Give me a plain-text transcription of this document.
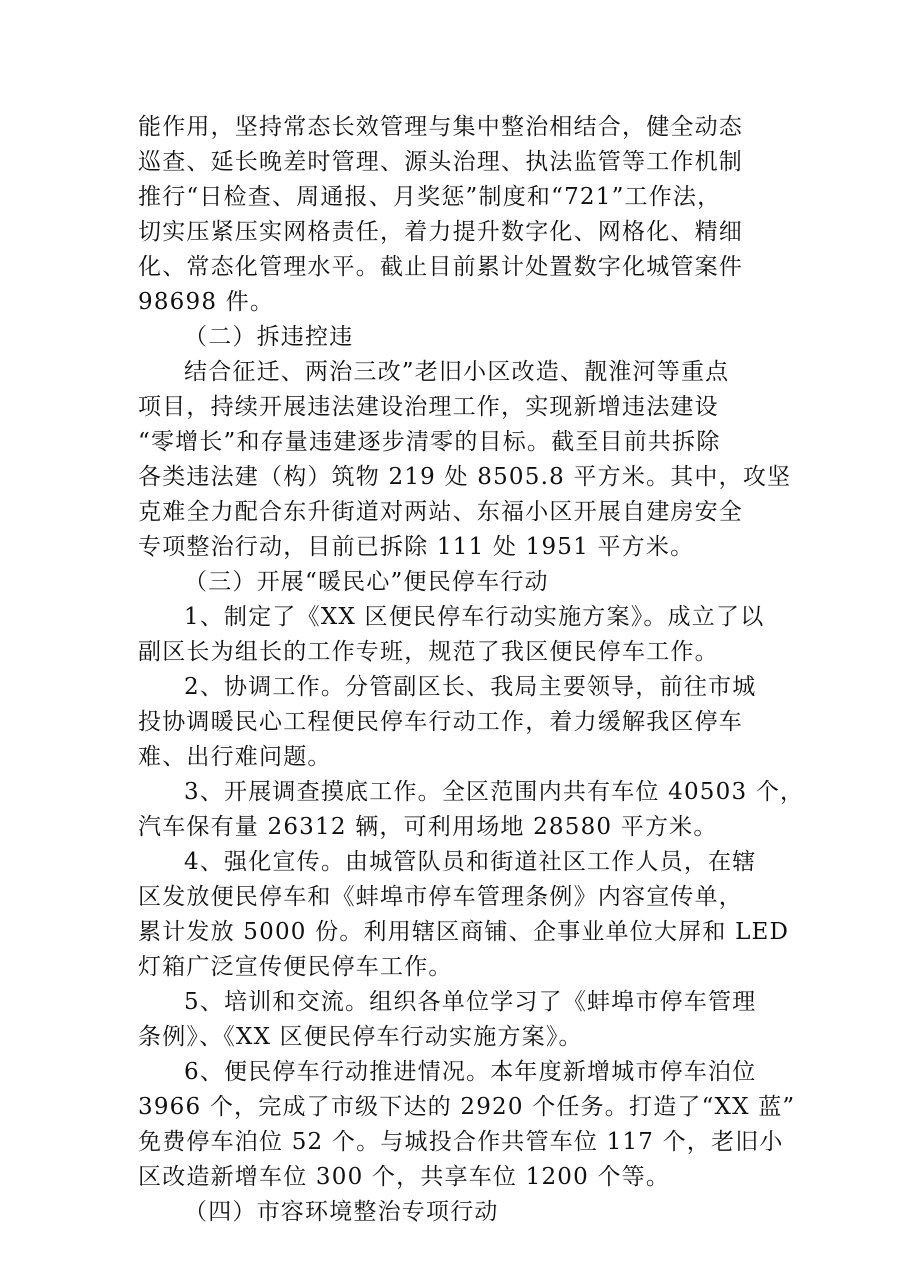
能作用，坚持常态长效管理与集中整治相结合，健全动态
巡查、延长晚差时管理、源头治理、执法监管等工作机制
推行“日检查、周通报、月奖惩”制度和“721”工作法，
切实压紧压实网格责任，着力提升数字化、网格化、精细
化、常态化管理水平。截止目前累计处置数字化城管案件
98698 件。
（二）拆违控违
结合征迁、两治三改”老旧小区改造、靓淮河等重点
项目，持续开展违法建设治理工作，实现新增违法建设
“零增长”和存量违建逐步清零的目标。截至目前共拆除
各类违法建（构）筑物 219 处 8505.8 平方米。其中，攻坚
克难全力配合东升街道对两站、东福小区开展自建房安全
专项整治行动，目前已拆除 111 处 1951 平方米。
（三）开展“暖民心”便民停车行动
1、制定了《XX 区便民停车行动实施方案》。成立了以
副区长为组长的工作专班，规范了我区便民停车工作。
2、协调工作。分管副区长、我局主要领导，前往市城
投协调暖民心工程便民停车行动工作，着力缓解我区停车
难、出行难问题。
3、开展调查摸底工作。全区范围内共有车位 40503 个，
汽车保有量 26312 辆，可利用场地 28580 平方米。
4、强化宣传。由城管队员和街道社区工作人员，在辖
区发放便民停车和《蚌埠市停车管理条例》内容宣传单，
累计发放 5000 份。利用辖区商铺、企事业单位大屏和 LED
灯箱广泛宣传便民停车工作。
5、培训和交流。组织各单位学习了《蚌埠市停车管理
条例》、《XX 区便民停车行动实施方案》。
6、便民停车行动推进情况。本年度新增城市停车泊位
3966 个，完成了市级下达的 2920 个任务。打造了“XX 蓝”
免费停车泊位 52 个。与城投合作共管车位 117 个，老旧小
区改造新增车位 300 个，共享车位 1200 个等。
（四）市容环境整治专项行动
